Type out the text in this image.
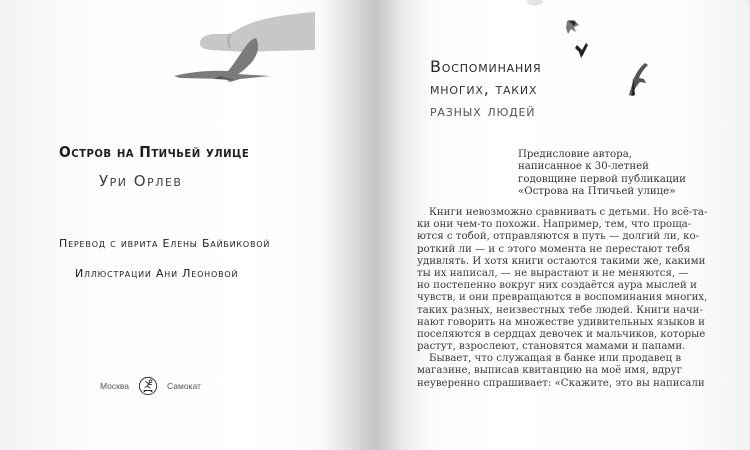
Остров на Птичьей улице
Ури Орлев
Перевод с иврита Елены Байбиковой
Иллюстрации Ани Леоновой
Москва	Самокат
Воспоминания
многих, таких
разных людей
Предисловие автора,
написанное к 30-летней
годовщине первой публикации
«Острова на Птичьей улице»
Книги невозможно сравнивать с детьми. Но всё-та-
ки они чем-то похожи. Например, тем, что проща-
ются с тобой, отправляются в путь — долгий ли, ко-
роткий ли — и с этого момента не перестают тебя
удивлять. И хотя книги остаются такими же, какими
ты их написал, — не вырастают и не меняются, —
но постепенно вокруг них создаётся аура мыслей и
чувств, и они превращаются в воспоминания многих,
таких разных, неизвестных тебе людей. Книги начи-
нают говорить на множестве удивительных языков и
поселяются в сердцах девочек и мальчиков, которые
растут, взрослеют, становятся мамами и папами.
Бывает, что служащая в банке или продавец в
магазине, выписав квитанцию на моё имя, вдруг
неуверенно спрашивает: «Скажите, это вы написали
